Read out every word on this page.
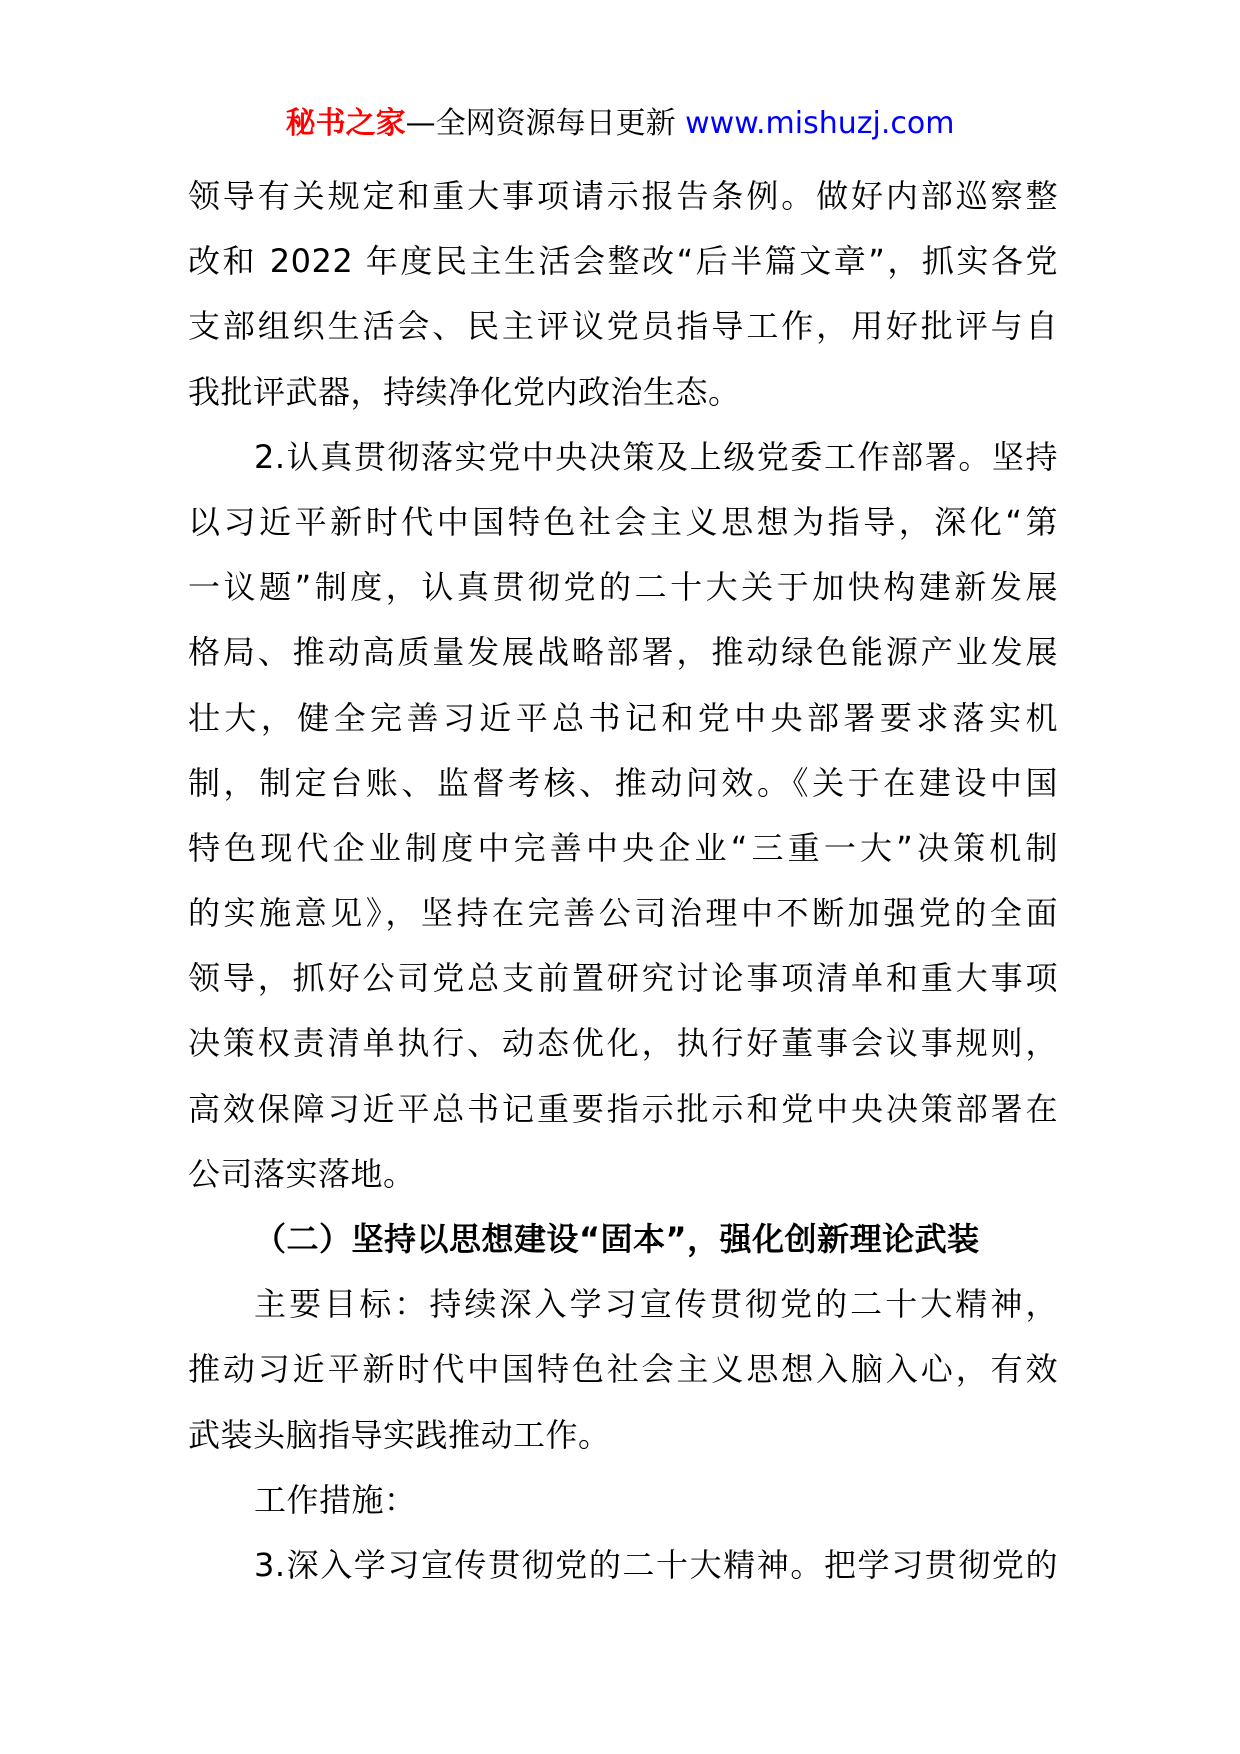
秘书之家—全网资源每日更新 www.mishuzj.com
领导有关规定和重大事项请示报告条例。做好内部巡察整
改和 2022 年度民主生活会整改“后半篇文章”，抓实各党
支部组织生活会、民主评议党员指导工作，用好批评与自
我批评武器，持续净化党内政治生态。
2.认真贯彻落实党中央决策及上级党委工作部署。坚持
以习近平新时代中国特色社会主义思想为指导，深化“第
一议题”制度，认真贯彻党的二十大关于加快构建新发展
格局、推动高质量发展战略部署，推动绿色能源产业发展
壮大，健全完善习近平总书记和党中央部署要求落实机
制，制定台账、监督考核、推动问效。《关于在建设中国
特色现代企业制度中完善中央企业“三重一大”决策机制
的实施意见》，坚持在完善公司治理中不断加强党的全面
领导，抓好公司党总支前置研究讨论事项清单和重大事项
决策权责清单执行、动态优化，执行好董事会议事规则，
高效保障习近平总书记重要指示批示和党中央决策部署在
公司落实落地。
（二）坚持以思想建设“固本”，强化创新理论武装
主要目标：持续深入学习宣传贯彻党的二十大精神，
推动习近平新时代中国特色社会主义思想入脑入心，有效
武装头脑指导实践推动工作。
工作措施：
3.深入学习宣传贯彻党的二十大精神。把学习贯彻党的
